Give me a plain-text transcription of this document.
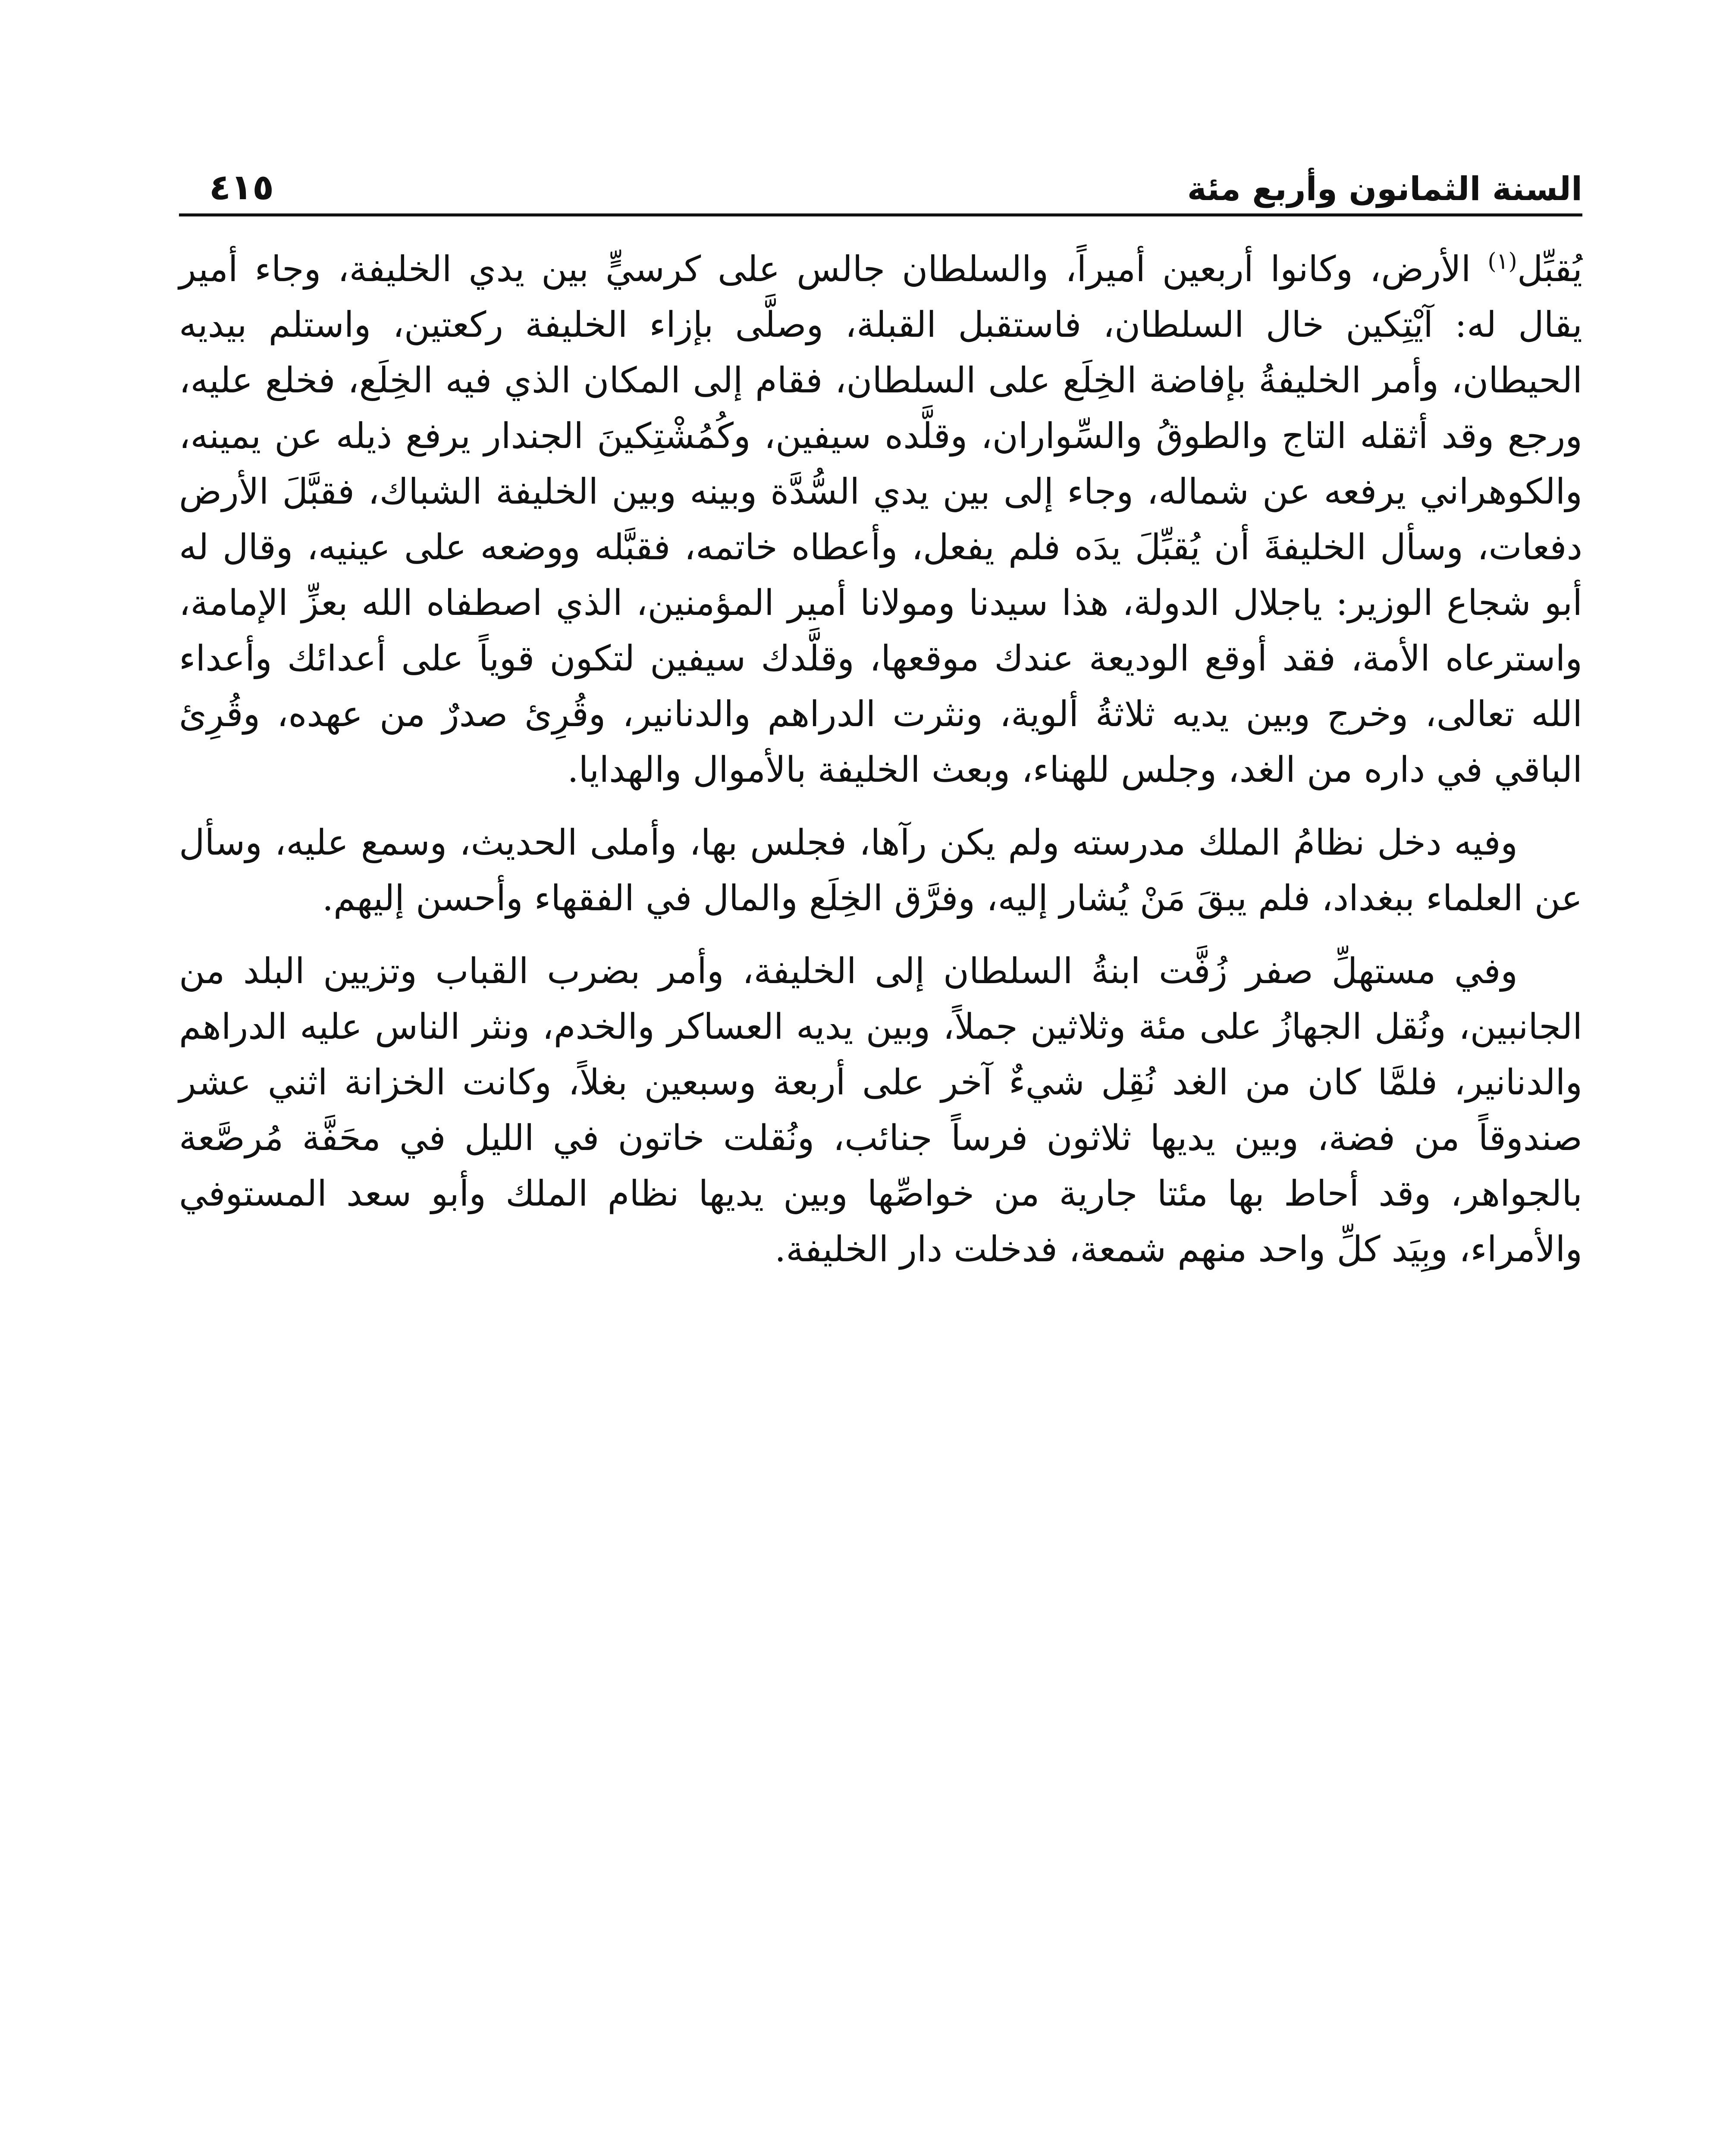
السنة الثمانون وأربع مئة
٤١٥

يُقبِّل$^{(١)}$ الأرض، وكانوا أربعين أميراً، والسلطان جالس على كرسيٍّ بين يدي الخليفة، وجاء أمير يقال له: آيْتِكين خال السلطان، فاستقبل القبلة، وصلَّى بإزاء الخليفة ركعتين، واستلم بيديه الحيطان، وأمر الخليفةُ بإفاضة الخِلَع على السلطان، فقام إلى المكان الذي فيه الخِلَع، فخلع عليه، ورجع وقد أثقله التاج والطوقُ والسِّواران، وقلَّده سيفين، وكُمُشْتِكينَ الجندار يرفع ذيله عن يمينه، والكوهراني يرفعه عن شماله، وجاء إلى بين يدي السُّدَّة وبينه وبين الخليفة الشباك، فقبَّلَ الأرض دفعات، وسأل الخليفةَ أن يُقبِّلَ يدَه فلم يفعل، وأعطاه خاتمه، فقبَّله ووضعه على عينيه، وقال له أبو شجاع الوزير: ياجلال الدولة، هذا سيدنا ومولانا أمير المؤمنين، الذي اصطفاه الله بعزِّ الإمامة، واسترعاه الأمة، فقد أوقع الوديعة عندك موقعها، وقلَّدك سيفين لتكون قوياً على أعدائك وأعداء الله تعالى، وخرج وبين يديه ثلاثةُ ألوية، ونثرت الدراهم والدنانير، وقُرِئ صدرٌ من عهده، وقُرِئ الباقي في داره من الغد، وجلس للهناء، وبعث الخليفة بالأموال والهدايا.

وفيه دخل نظامُ الملك مدرسته ولم يكن رآها، فجلس بها، وأملى الحديث، وسمع عليه، وسأل عن العلماء ببغداد، فلم يبقَ مَنْ يُشار إليه، وفرَّق الخِلَع والمال في الفقهاء وأحسن إليهم.

وفي مستهلِّ صفر زُفَّت ابنةُ السلطان إلى الخليفة، وأمر بضرب القباب وتزيين البلد من الجانبين، ونُقل الجهازُ على مئة وثلاثين جملاً، وبين يديه العساكر والخدم، ونثر الناس عليه الدراهم والدنانير، فلمَّا كان من الغد نُقِل شيءٌ آخر على أربعة وسبعين بغلاً، وكانت الخزانة اثني عشر صندوقاً من فضة، وبين يديها ثلاثون فرساً جنائب، ونُقلت خاتون في الليل في محَفَّة مُرصَّعة بالجواهر، وقد أحاط بها مئتا جارية من خواصِّها وبين يديها نظام الملك وأبو سعد المستوفي والأمراء، وبِيَد كلِّ واحد منهم شمعة، فدخلت دار الخليفة.
